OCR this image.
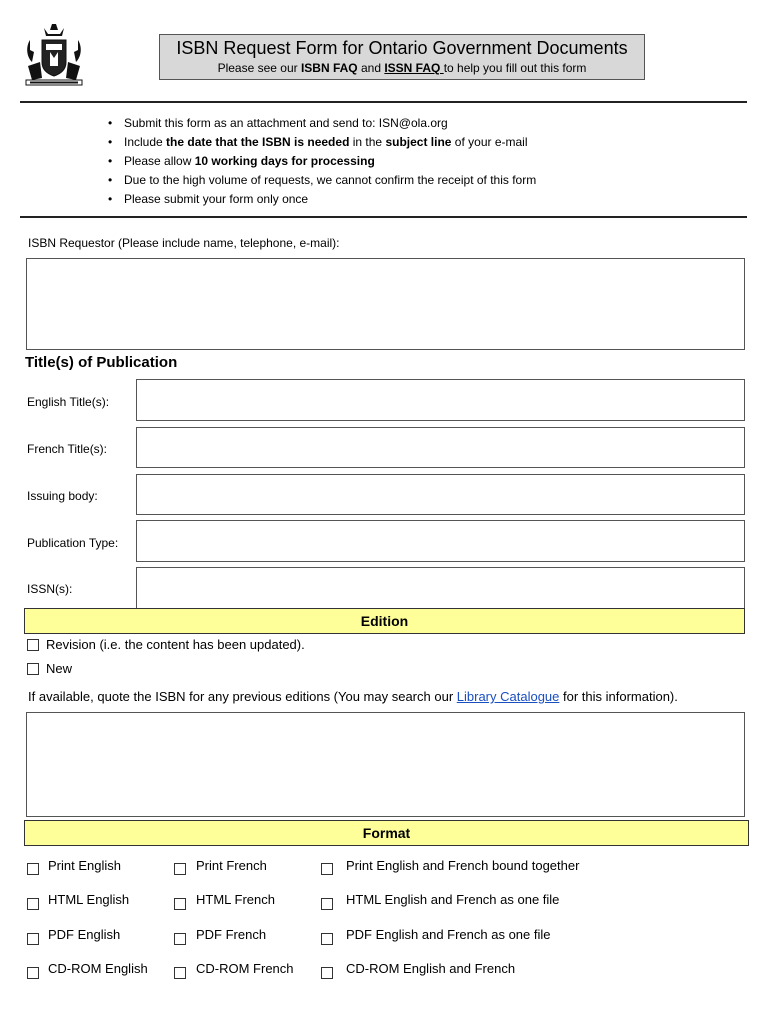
ISBN Request Form for Ontario Government Documents
Please see our ISBN FAQ and ISSN FAQ to help you fill out this form
• Submit this form as an attachment and send to: ISN@ola.org
• Include the date that the ISBN is needed in the subject line of your e-mail
• Please allow 10 working days for processing
• Due to the high volume of requests, we cannot confirm the receipt of this form
• Please submit your form only once
ISBN Requestor (Please include name, telephone, e-mail):
Title(s) of Publication
English Title(s):
French Title(s):
Issuing body:
Publication Type:
ISSN(s):
Edition
Revision (i.e. the content has been updated).
New
If available, quote the ISBN for any previous editions (You may search our Library Catalogue for this information).
Format
Print English	Print French	Print English and French bound together
HTML English	HTML French	HTML English and French as one file
PDF English	PDF French	PDF English and French as one file
CD-ROM English	CD-ROM French	CD-ROM English and French
